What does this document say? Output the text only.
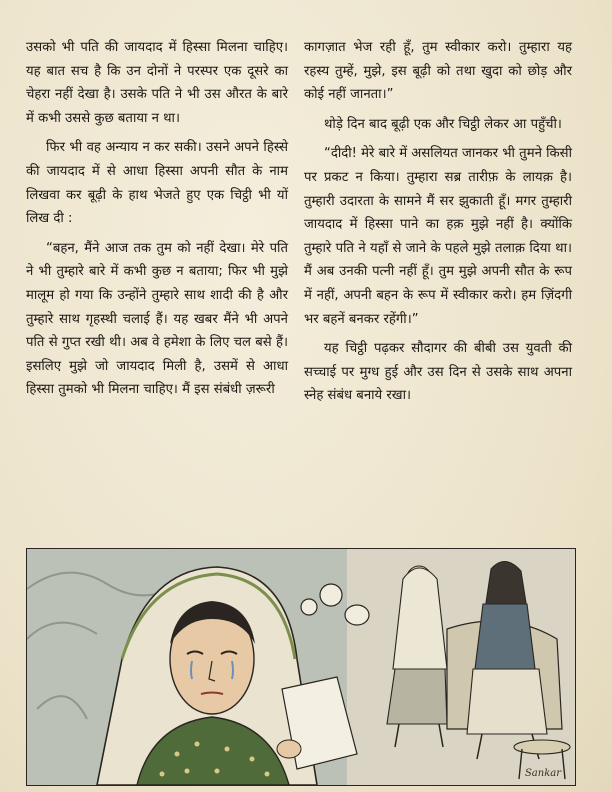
उसको भी पति की जायदाद में हिस्सा मिलना चाहिए। यह बात सच है कि उन दोनों ने परस्पर एक दूसरे का चेहरा नहीं देखा है। उसके पति ने भी उस औरत के बारे में कभी उससे कुछ बताया न था।

फिर भी वह अन्याय न कर सकी। उसने अपने हिस्से की जायदाद में से आधा हिस्सा अपनी सौत के नाम लिखवा कर बूढ़ी के हाथ भेजते हुए एक चिट्ठी भी यों लिख दी :

“बहन, मैंने आज तक तुम को नहीं देखा। मेरे पति ने भी तुम्हारे बारे में कभी कुछ न बताया; फिर भी मुझे मालूम हो गया कि उन्होंने तुम्हारे साथ शादी की है और तुम्हारे साथ गृहस्थी चलाई हैं। यह खबर मैंने भी अपने पति से गुप्त रखी थी। अब वे हमेशा के लिए चल बसे हैं। इसलिए मुझे जो जायदाद मिली है, उसमें से आधा हिस्सा तुमको भी मिलना चाहिए। मैं इस संबंधी ज़रूरी

कागज़ात भेज रही हूँ, तुम स्वीकार करो। तुम्हारा यह रहस्य तुम्हें, मुझे, इस बूढ़ी को तथा खुदा को छोड़ और कोई नहीं जानता।”

थोड़े दिन बाद बूढ़ी एक और चिट्ठी लेकर आ पहुँची।

“दीदी! मेरे बारे में असलियत जानकर भी तुमने किसी पर प्रकट न किया। तुम्हारा सब्र तारीफ़ के लायक़ है। तुम्हारी उदारता के सामने मैं सर झुकाती हूँ। मगर तुम्हारी जायदाद में हिस्सा पाने का हक़ मुझे नहीं है। क्योंकि तुम्हारे पति ने यहाँ से जाने के पहले मुझे तलाक़ दिया था। मैं अब उनकी पत्नी नहीं हूँ। तुम मुझे अपनी सौत के रूप में नहीं, अपनी बहन के रूप में स्वीकार करो। हम ज़िंदगी भर बहनें बनकर रहेंगी।”

यह चिट्ठी पढ़कर सौदागर की बीबी उस युवती की सच्चाई पर मुग्ध हुई और उस दिन से उसके साथ अपना स्नेह संबंध बनाये रखा।

Sankar
